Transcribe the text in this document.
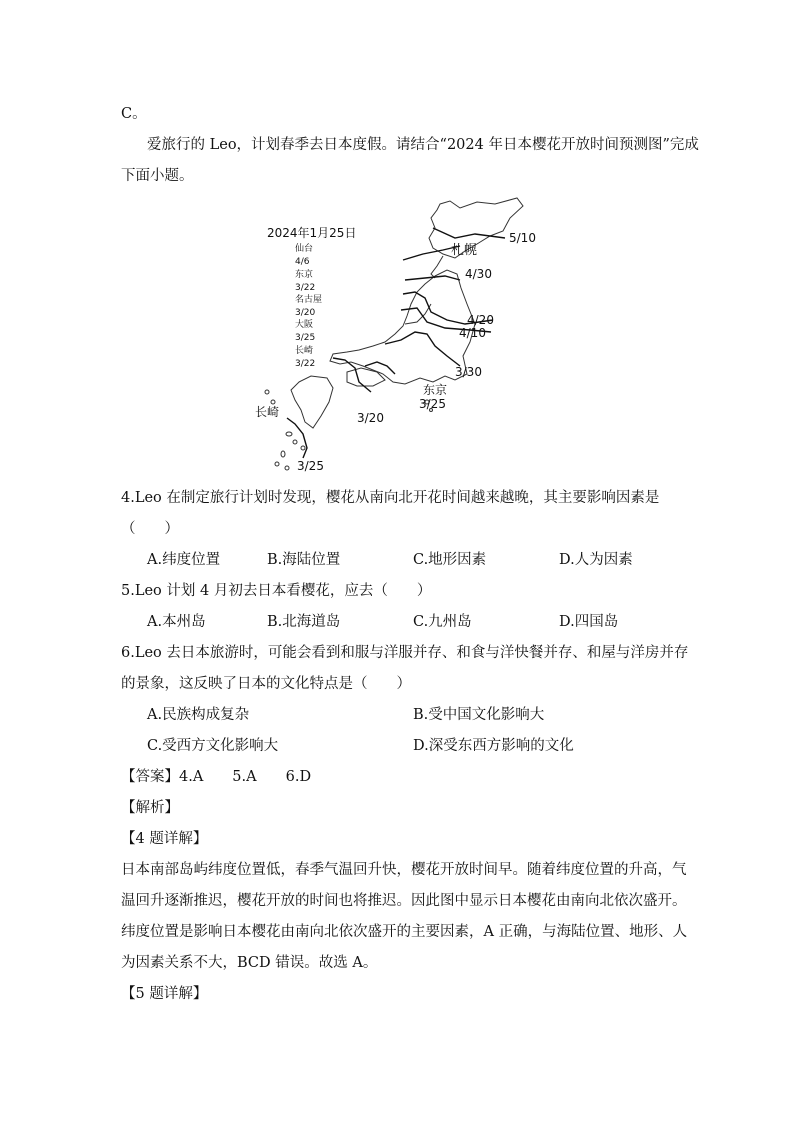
C。
爱旅行的 Leo，计划春季去日本度假。请结合“2024 年日本樱花开放时间预测图”完成
下面小题。
2024年1月25日
仙台
4/6
东京
3/22
名古屋
3/20
大阪
3/25
长崎
3/22
札幌
5/10
4/30
4/20
4/10
3/30
东京
3/25
长崎	3/20
3/25
4.Leo 在制定旅行计划时发现，樱花从南向北开花时间越来越晚，其主要影响因素是
（　　）
A.纬度位置	B.海陆位置	C.地形因素	D.人为因素
5.Leo 计划 4 月初去日本看樱花，应去（　　）
A.本州岛	B.北海道岛	C.九州岛	D.四国岛
6.Leo 去日本旅游时，可能会看到和服与洋服并存、和食与洋快餐并存、和屋与洋房并存
的景象，这反映了日本的文化特点是（　　）
A.民族构成复杂	B.受中国文化影响大
C.受西方文化影响大	D.深受东西方影响的文化
【答案】4.A　　5.A　　6.D
【解析】
【4 题详解】
日本南部岛屿纬度位置低，春季气温回升快，樱花开放时间早。随着纬度位置的升高，气
温回升逐渐推迟，樱花开放的时间也将推迟。因此图中显示日本樱花由南向北依次盛开。
纬度位置是影响日本樱花由南向北依次盛开的主要因素，A 正确，与海陆位置、地形、人
为因素关系不大，BCD 错误。故选 A。
【5 题详解】
